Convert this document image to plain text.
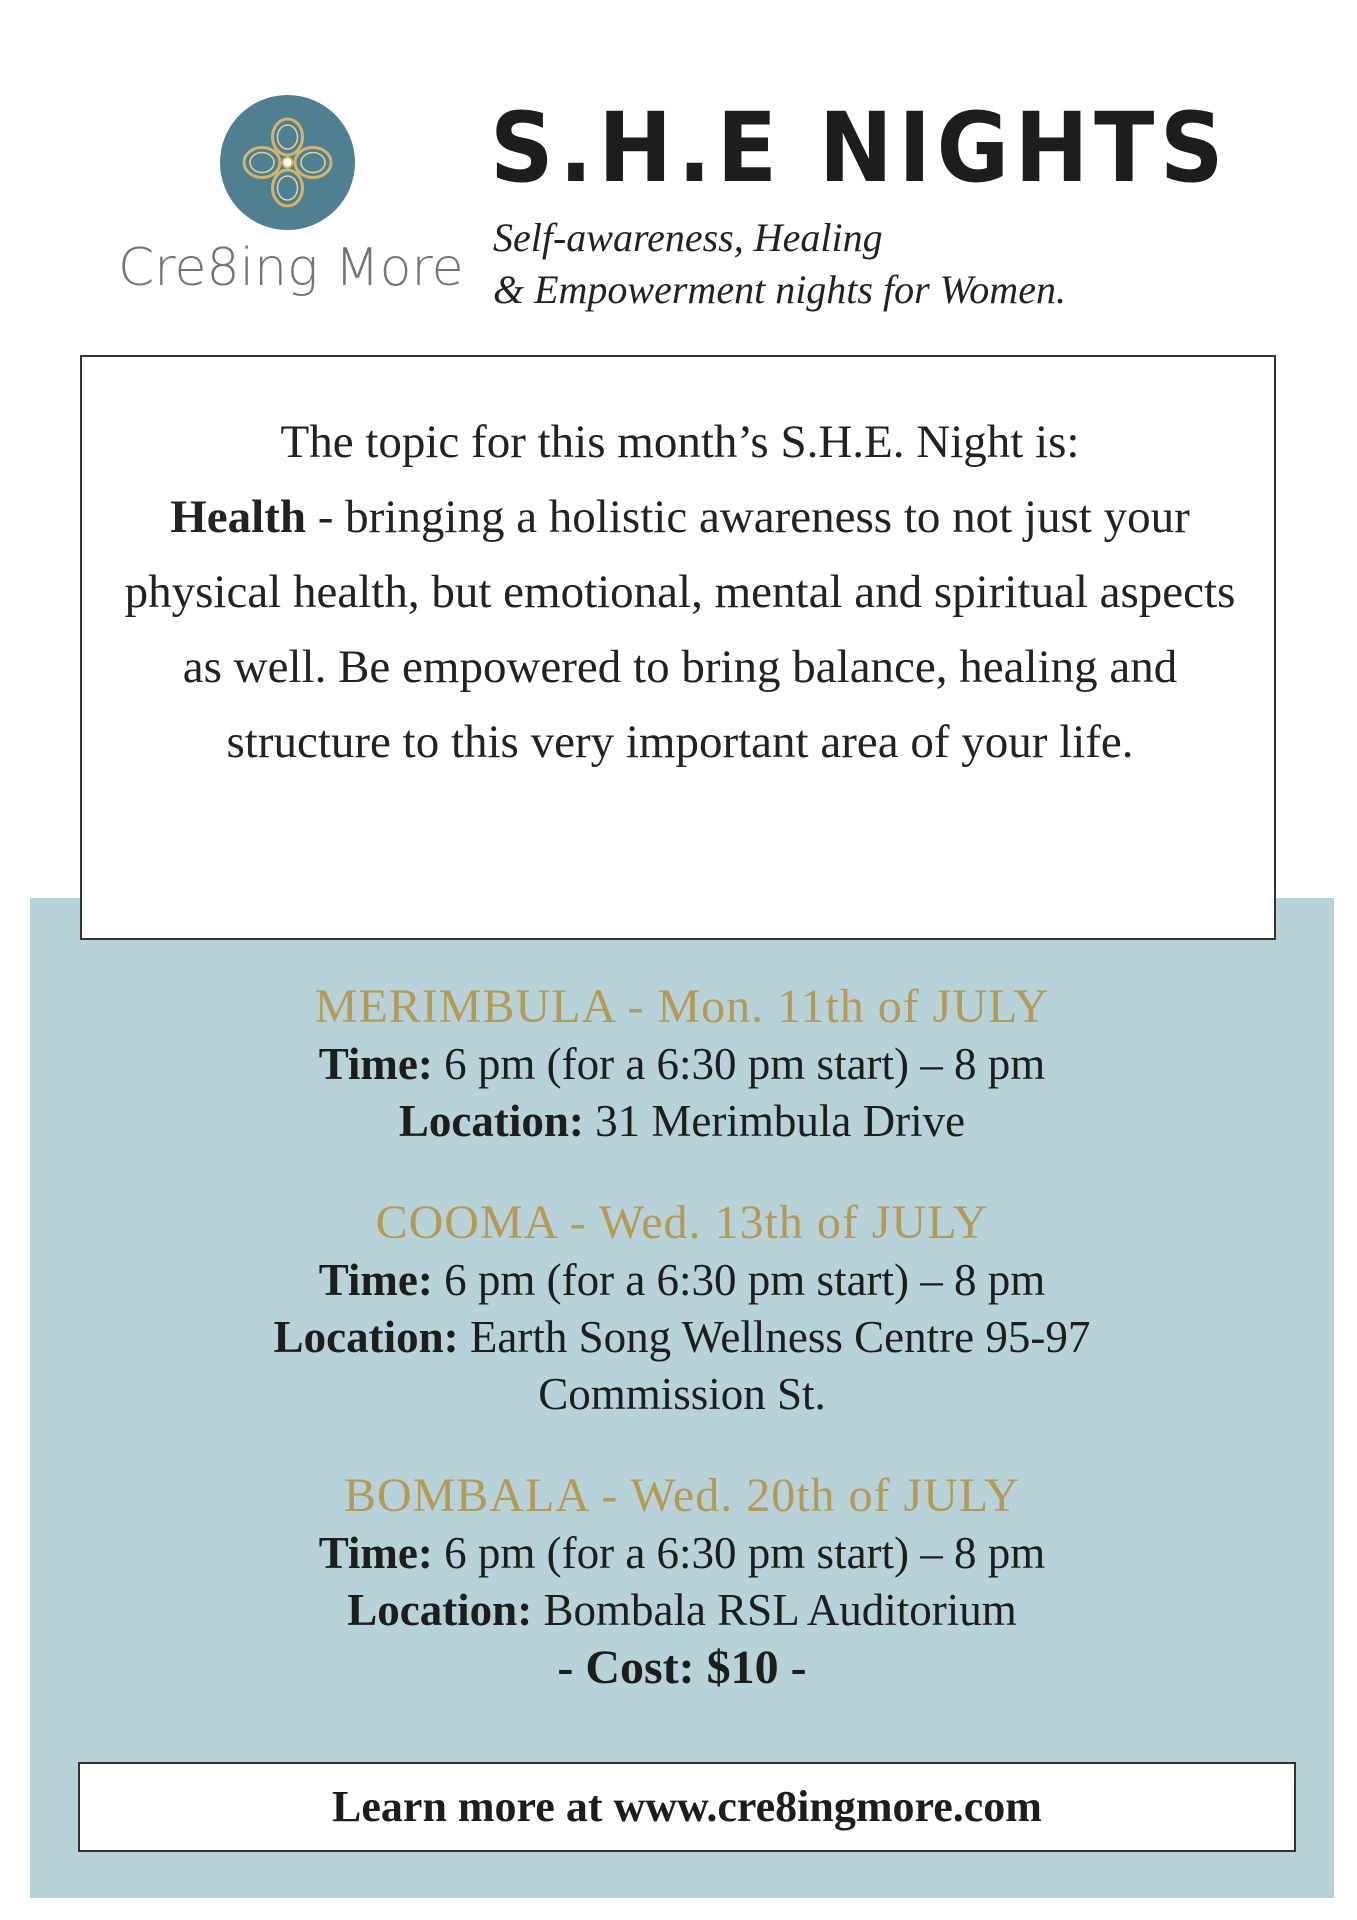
Cre8ing More
S.H.E NIGHTS
Self-awareness, Healing
& Empowerment nights for Women.
The topic for this month’s S.H.E. Night is:
Health - bringing a holistic awareness to not just your physical health, but emotional, mental and spiritual aspects as well. Be empowered to bring balance, healing and structure to this very important area of your life.
MERIMBULA - Mon. 11th of JULY
Time: 6 pm (for a 6:30 pm start) – 8 pm
Location: 31 Merimbula Drive
COOMA - Wed. 13th of JULY
Time: 6 pm (for a 6:30 pm start) – 8 pm
Location: Earth Song Wellness Centre 95-97 Commission St.
BOMBALA - Wed. 20th of JULY
Time: 6 pm (for a 6:30 pm start) – 8 pm
Location: Bombala RSL Auditorium
- Cost: $10 -
Learn more at www.cre8ingmore.com
